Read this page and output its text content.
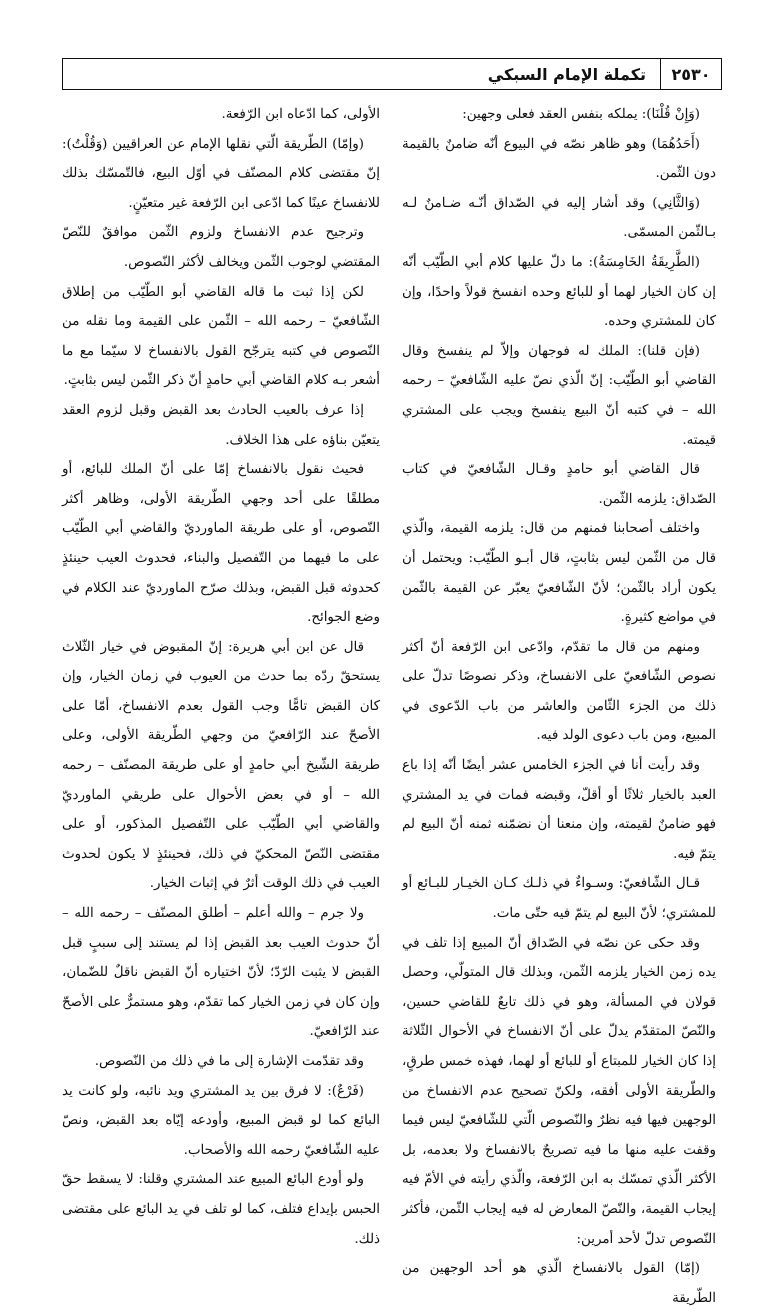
٢٥٣٠
تكملة الإمام السبكي

(وَإِنْ قُلْنَا): يملكه بنفس العقد فعلى وجهين:

(أَحَدُهُمَا) وهو ظاهر نصّه في البيوع أنّه ضامنٌ بالقيمة دون الثّمن.

(وَالثَّانِي) وقد أشار إليه في الصّداق أنّـه ضـامنٌ لـه بـالثّمن المسمّى.

(الطَّرِيقَةُ الخَامِسَةُ): ما دلّ عليها كلام أبي الطّيّب أنّه إن كان الخيار لهما أو للبائع وحده انفسخ قولاً واحدًا، وإن كان للمشتري وحده.

(فإن قلنا): الملك له فوجهان وإلاّ لم ينفسخ وقال القاضي أبو الطّيّب: إنّ الّذي نصّ عليه الشّافعيّ – رحمه الله – في كتبه أنّ البيع ينفسخ ويجب على المشتري قيمته.

قال القاضي أبو حامدٍ وقـال الشّافعيّ في كتاب الصّداق: يلزمه الثّمن.

واختلف أصحابنا فمنهم من قال: يلزمه القيمة، والّذي قال من الثّمن ليس بثابتٍ، قال أبـو الطّيّب: ويحتمل أن يكون أراد بالثّمن؛ لأنّ الشّافعيّ يعبّر عن القيمة بالثّمن في مواضع كثيرةٍ.

ومنهم من قال ما تقدّم، وادّعى ابن الرّفعة أنّ أكثر نصوص الشّافعيّ على الانفساخ، وذكر نصوصًا تدلّ على ذلك من الجزء الثّامن والعاشر من باب الدّعوى في المبيع، ومن باب دعوى الولد فيه.

وقد رأيت أنا في الجزء الخامس عشر أيضًا أنّه إذا باع العبد بالخيار ثلاثًا أو أقلّ، وقبضه فمات في يد المشتري فهو ضامنٌ لقيمته، وإن منعنا أن نضمّنه ثمنه أنّ البيع لم يتمّ فيه.

قـال الشّافعيّ: وسـواءٌ في ذلـك كـان الخيـار للبـائع أو للمشتري؛ لأنّ البيع لم يتمّ فيه حتّى مات.

وقد حكى عن نصّه في الصّداق أنّ المبيع إذا تلف في يده زمن الخيار يلزمه الثّمن، وبذلك قال المتولّي، وحصل قولان في المسألة، وهو في ذلك تابعٌ للقاضي حسين، والنّصّ المتقدّم يدلّ على أنّ الانفساخ في الأحوال الثّلاثة إذا كان الخيار للمبتاع أو للبائع أو لهما، فهذه خمس طرقٍ، والطّريقة الأولى أفقه، ولكنّ تصحيح عدم الانفساخ من الوجهين فيها فيه نظرٌ والنّصوص الّتي للشّافعيّ ليس فيما وقفت عليه منها ما فيه تصريحٌ بالانفساخ ولا بعدمه، بل الأكثر الّذي تمسّك به ابن الرّفعة، والّذي رأيته في الأمّ فيه إيجاب القيمة، والنّصّ المعارض له فيه إيجاب الثّمن، فأكثر النّصوص تدلّ لأحد أمرين:

(إمّا) القول بالانفساخ الّذي هو أحد الوجهين من الطّريقة

الأولى، كما ادّعاه ابن الرّفعة.

(وإمّا) الطّريقة الّتي نقلها الإمام عن العراقيين (وَقُلْتُ): إنّ مقتضى كلام المصنّف في أوّل البيع، فالتّمسّك بذلك للانفساخ عينًا كما ادّعى ابن الرّفعة غير متعيّنٍ.

وترجيح عدم الانفساخ ولزوم الثّمن موافقٌ للنّصّ المقتضي لوجوب الثّمن ويخالف لأكثر النّصوص.

لكن إذا ثبت ما قاله القاضي أبو الطّيّب من إطلاق الشّافعيّ – رحمه الله – الثّمن على القيمة وما نقله من النّصوص في كتبه يترجّح القول بالانفساخ لا سيّما مع ما أشعر بـه كلام القاضي أبي حامدٍ أنّ ذكر الثّمن ليس بثابتٍ.

إذا عرف بالعيب الحادث بعد القبض وقبل لزوم العقد يتعيّن بناؤه على هذا الخلاف.

فحيث نقول بالانفساخ إمّا على أنّ الملك للبائع، أو مطلقًا على أحد وجهي الطّريقة الأولى، وظاهر أكثر النّصوص، أو على طريقة الماورديّ والقاضي أبي الطّيّب على ما فيهما من التّفصيل والبناء، فحدوث العيب حينئذٍ كحدوثه قبل القبض، وبذلك صرّح الماورديّ عند الكلام في وضع الجوائح.

قال عن ابن أبي هريرة: إنّ المقبوض في خيار الثّلاث يستحقّ ردّه بما حدث من العيوب في زمان الخيار، وإن كان القبض تامًّا وجب القول بعدم الانفساخ، أمّا على الأصحّ عند الرّافعيّ من وجهي الطّريقة الأولى، وعلى طريقة الشّيخ أبي حامدٍ أو على طريقة المصنّف – رحمه الله – أو في بعض الأحوال على طريقي الماورديّ والقاضي أبي الطّيّب على التّفصيل المذكور، أو على مقتضى النّصّ المحكيّ في ذلك، فحينئذٍ لا يكون لحدوث العيب في ذلك الوقت أثرٌ في إثبات الخيار.

ولا جرم – والله أعلم – أطلق المصنّف – رحمه الله – أنّ حدوث العيب بعد القبض إذا لم يستند إلى سببٍ قبل القبض لا يثبت الرّدّ؛ لأنّ اختياره أنّ القبض ناقلٌ للضّمان، وإن كان في زمن الخيار كما تقدّم، وهو مستمرٌّ على الأصحّ عند الرّافعيّ.

وقد تقدّمت الإشارة إلى ما في ذلك من النّصوص.

(فَرْعٌ): لا فرق بين يد المشتري ويد نائبه، ولو كانت يد البائع كما لو قبض المبيع، وأودعه إيّاه بعد القبض، ونصّ عليه الشّافعيّ رحمه الله والأصحاب.

ولو أودع البائع المبيع عند المشتري وقلنا: لا يسقط حقّ الحبس بإيداع فتلف، كما لو تلف في يد البائع على مقتضى ذلك.
